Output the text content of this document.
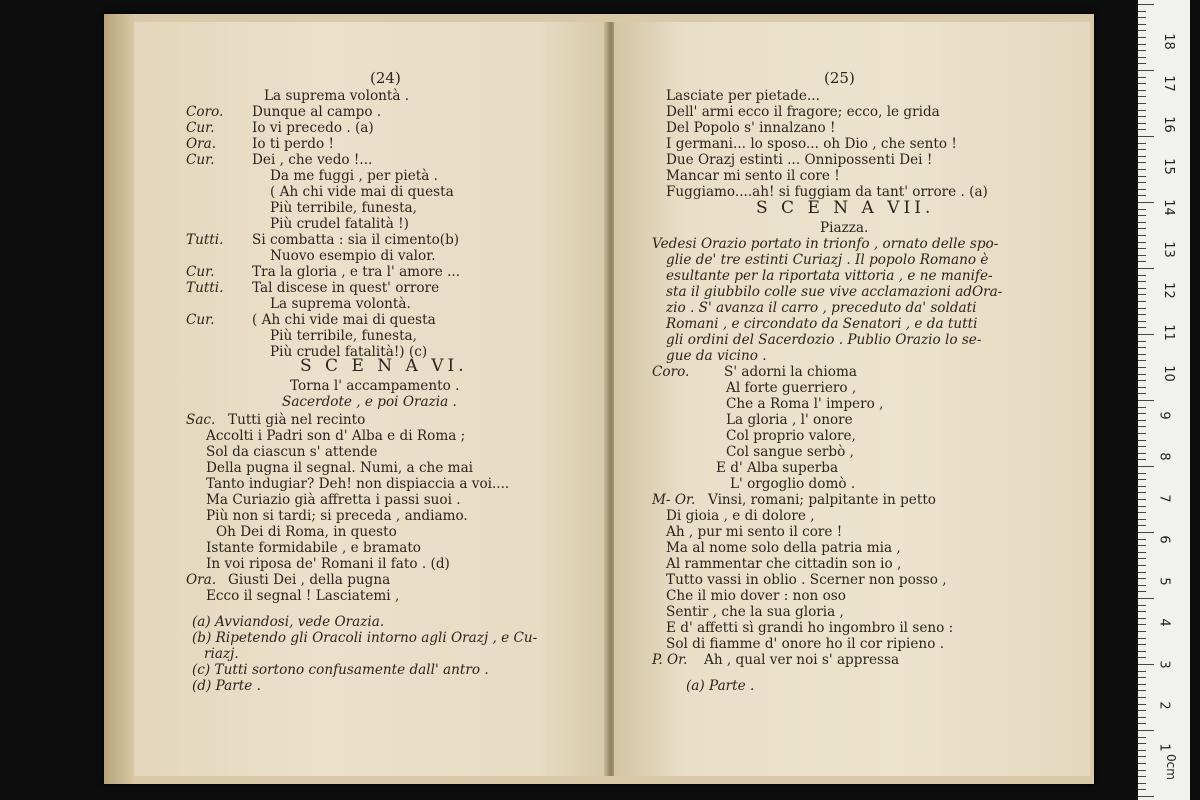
(24)
La suprema volontà .
Coro. Dunque al campo .
Cur.	Io vi precedo . (a)
Ora.	Io ti perdo !
Cur.	Dei , che vedo !...
Da me fuggi , per pietà .
( Ah chi vide mai di questa
Più terribile, funesta,
Più crudel fatalità !)
Tutti. Si combatta : sia il cimento(b)
Nuovo esempio di valor.
Cur.	Tra la gloria , e tra l' amore ...
Tutti. Tal discese in quest' orrore
La suprema volontà.
Cur.	( Ah chi vide mai di questa
Più terribile, funesta,
Più crudel fatalità!) (c)
S C E N A VI.
Torna l' accampamento .
Sacerdote , e poi Orazia .
Sac. Tutti già nel recinto
Accolti i Padri son d' Alba e di Roma ;
Sol da ciascun s' attende
Della pugna il segnal. Numi, a che mai
Tanto indugiar? Deh! non dispiaccia a voi....
Ma Curiazio già affretta i passi suoi .
Più non si tardi; si preceda , andiamo.
Oh Dei di Roma, in questo
Istante formidabile , e bramato
In voi riposa de' Romani il fato . (d)
Ora. Giusti Dei , della pugna
Ecco il segnal ! Lasciatemi ,
(a) Avviandosi, vede Orazia.
(b) Ripetendo gli Oracoli intorno agli Orazj , e Cu-
riazj.
(c) Tutti sortono confusamente dall' antro .
(d) Parte .
(25)
Lasciate per pietade...
Dell' armi ecco il fragore; ecco, le grida
Del Popolo s' innalzano !
I germani... lo sposo... oh Dio , che sento !
Due Orazj estinti ... Onnipossenti Dei !
Mancar mi sento il core !
Fuggiamo....ah! si fuggiam da tant' orrore . (a)
S C E N A VII.
Piazza.
Vedesi Orazio portato in trionfo , ornato delle spo-
glie de' tre estinti Curiazj . Il popolo Romano è
esultante per la riportata vittoria , e ne manife-
sta il giubbilo colle sue vive acclamazioni adOra-
zio . S' avanza il carro , preceduto da' soldati
Romani , e circondato da Senatori , e da tutti
gli ordini del Sacerdozio . Publio Orazio lo se-
gue da vicino .
Coro.	S' adorni la chioma
Al forte guerriero ,
Che a Roma l' impero ,
La gloria , l' onore
Col proprio valore,
Col sangue serbò ,
E d' Alba superba
L' orgoglio domò .
M- Or. Vinsi, romani; palpitante in petto
Di gioia , e di dolore ,
Ah , pur mi sento il core !
Ma al nome solo della patria mia ,
Al rammentar che cittadin son io ,
Tutto vassi in oblio . Scerner non posso ,
Che il mio dover : non oso
Sentir , che la sua gloria ,
E d' affetti sì grandi ho ingombro il seno :
Sol di fiamme d' onore ho il cor ripieno .
P. Or. Ah , qual ver noi s' appressa
(a) Parte .
0cm
18
17
16
15
14
13
12
11
10
9
8
7
6
5
4
3
2
1
